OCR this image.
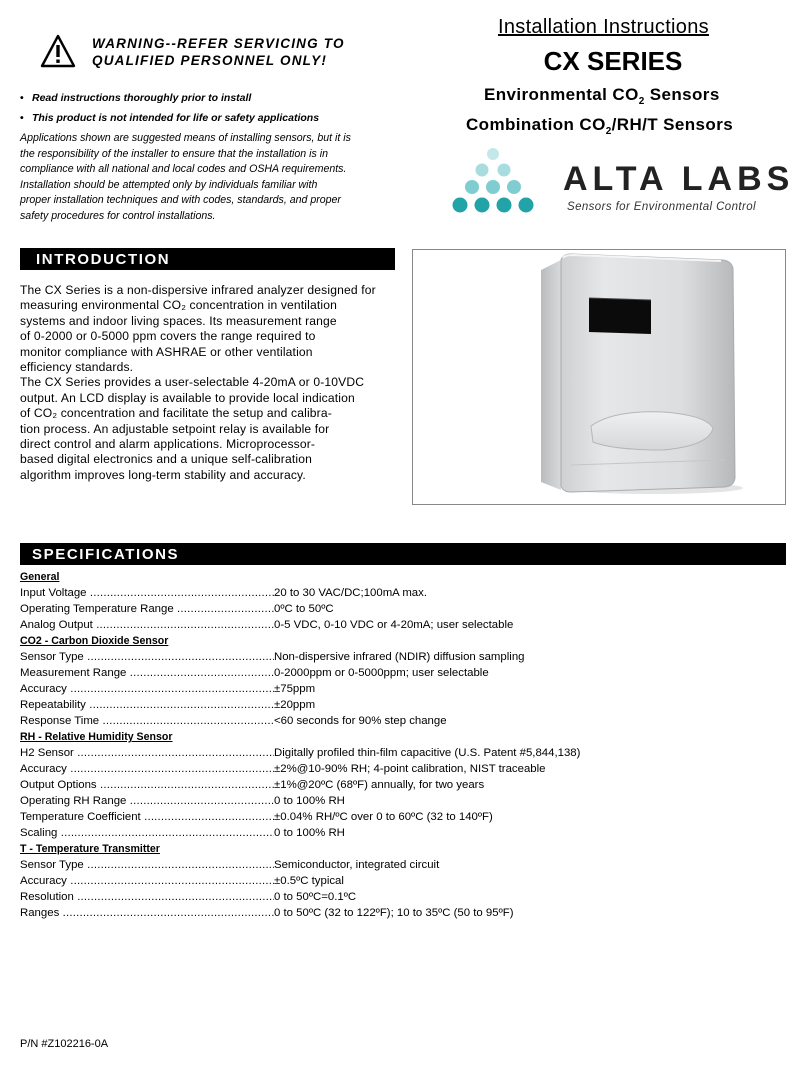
WARNING--REFER SERVICING TO
QUALIFIED PERSONNEL ONLY!
• Read instructions thoroughly prior to install
• This product is not intended for life or safety applications
Applications shown are suggested means of installing sensors, but it is
the responsibility of the installer to ensure that the installation is in
compliance with all national and local codes and OSHA requirements.
Installation should be attempted only by individuals familiar with
proper installation techniques and with codes, standards, and proper
safety procedures for control installations.
Installation Instructions
CX SERIES
Environmental $CO_2$ Sensors
Combination $CO_2/RH/T$ Sensors
ALTA LABS
Sensors for Environmental Control
INTRODUCTION
The CX Series is a non-dispersive infrared analyzer designed for
measuring environmental CO₂ concentration in ventilation
systems and indoor living spaces. Its measurement range
of 0-2000 or 0-5000 ppm covers the range required to
monitor compliance with ASHRAE or other ventilation
efficiency standards.
The CX Series provides a user-selectable 4-20mA or 0-10VDC
output. An LCD display is available to provide local indication
of CO₂ concentration and facilitate the setup and calibra-
tion process. An adjustable setpoint relay is available for
direct control and alarm applications. Microprocessor-
based digital electronics and a unique self-calibration
algorithm improves long-term stability and accuracy.
SPECIFICATIONS
General
Input Voltage .....	20 to 30 VAC/DC;100mA max.
Operating Temperature Range .....	0ºC to 50ºC
Analog Output .....	0-5 VDC, 0-10 VDC or 4-20mA; user selectable
CO2 - Carbon Dioxide Sensor
Sensor Type .....	Non-dispersive infrared (NDIR) diffusion sampling
Measurement Range .....	0-2000ppm or 0-5000ppm; user selectable
Accuracy .....	±75ppm
Repeatability .....	±20ppm
Response Time .....	<60 seconds for 90% step change
RH - Relative Humidity Sensor
H2 Sensor .....	Digitally profiled thin-film capacitive (U.S. Patent #5,844,138)
Accuracy .....	±2%@10-90% RH; 4-point calibration, NIST traceable
Output Options .....	±1%@20ºC (68ºF) annually, for two years
Operating RH Range .....	0 to 100% RH
Temperature Coefficient .....	±0.04% RH/ºC over 0 to 60ºC (32 to 140ºF)
Scaling .....	0 to 100% RH
T - Temperature Transmitter
Sensor Type .....	Semiconductor, integrated circuit
Accuracy .....	±0.5ºC typical
Resolution .....	0 to 50ºC=0.1ºC
Ranges .....	0 to 50ºC (32 to 122ºF); 10 to 35ºC (50 to 95ºF)
P/N #Z102216-0A
